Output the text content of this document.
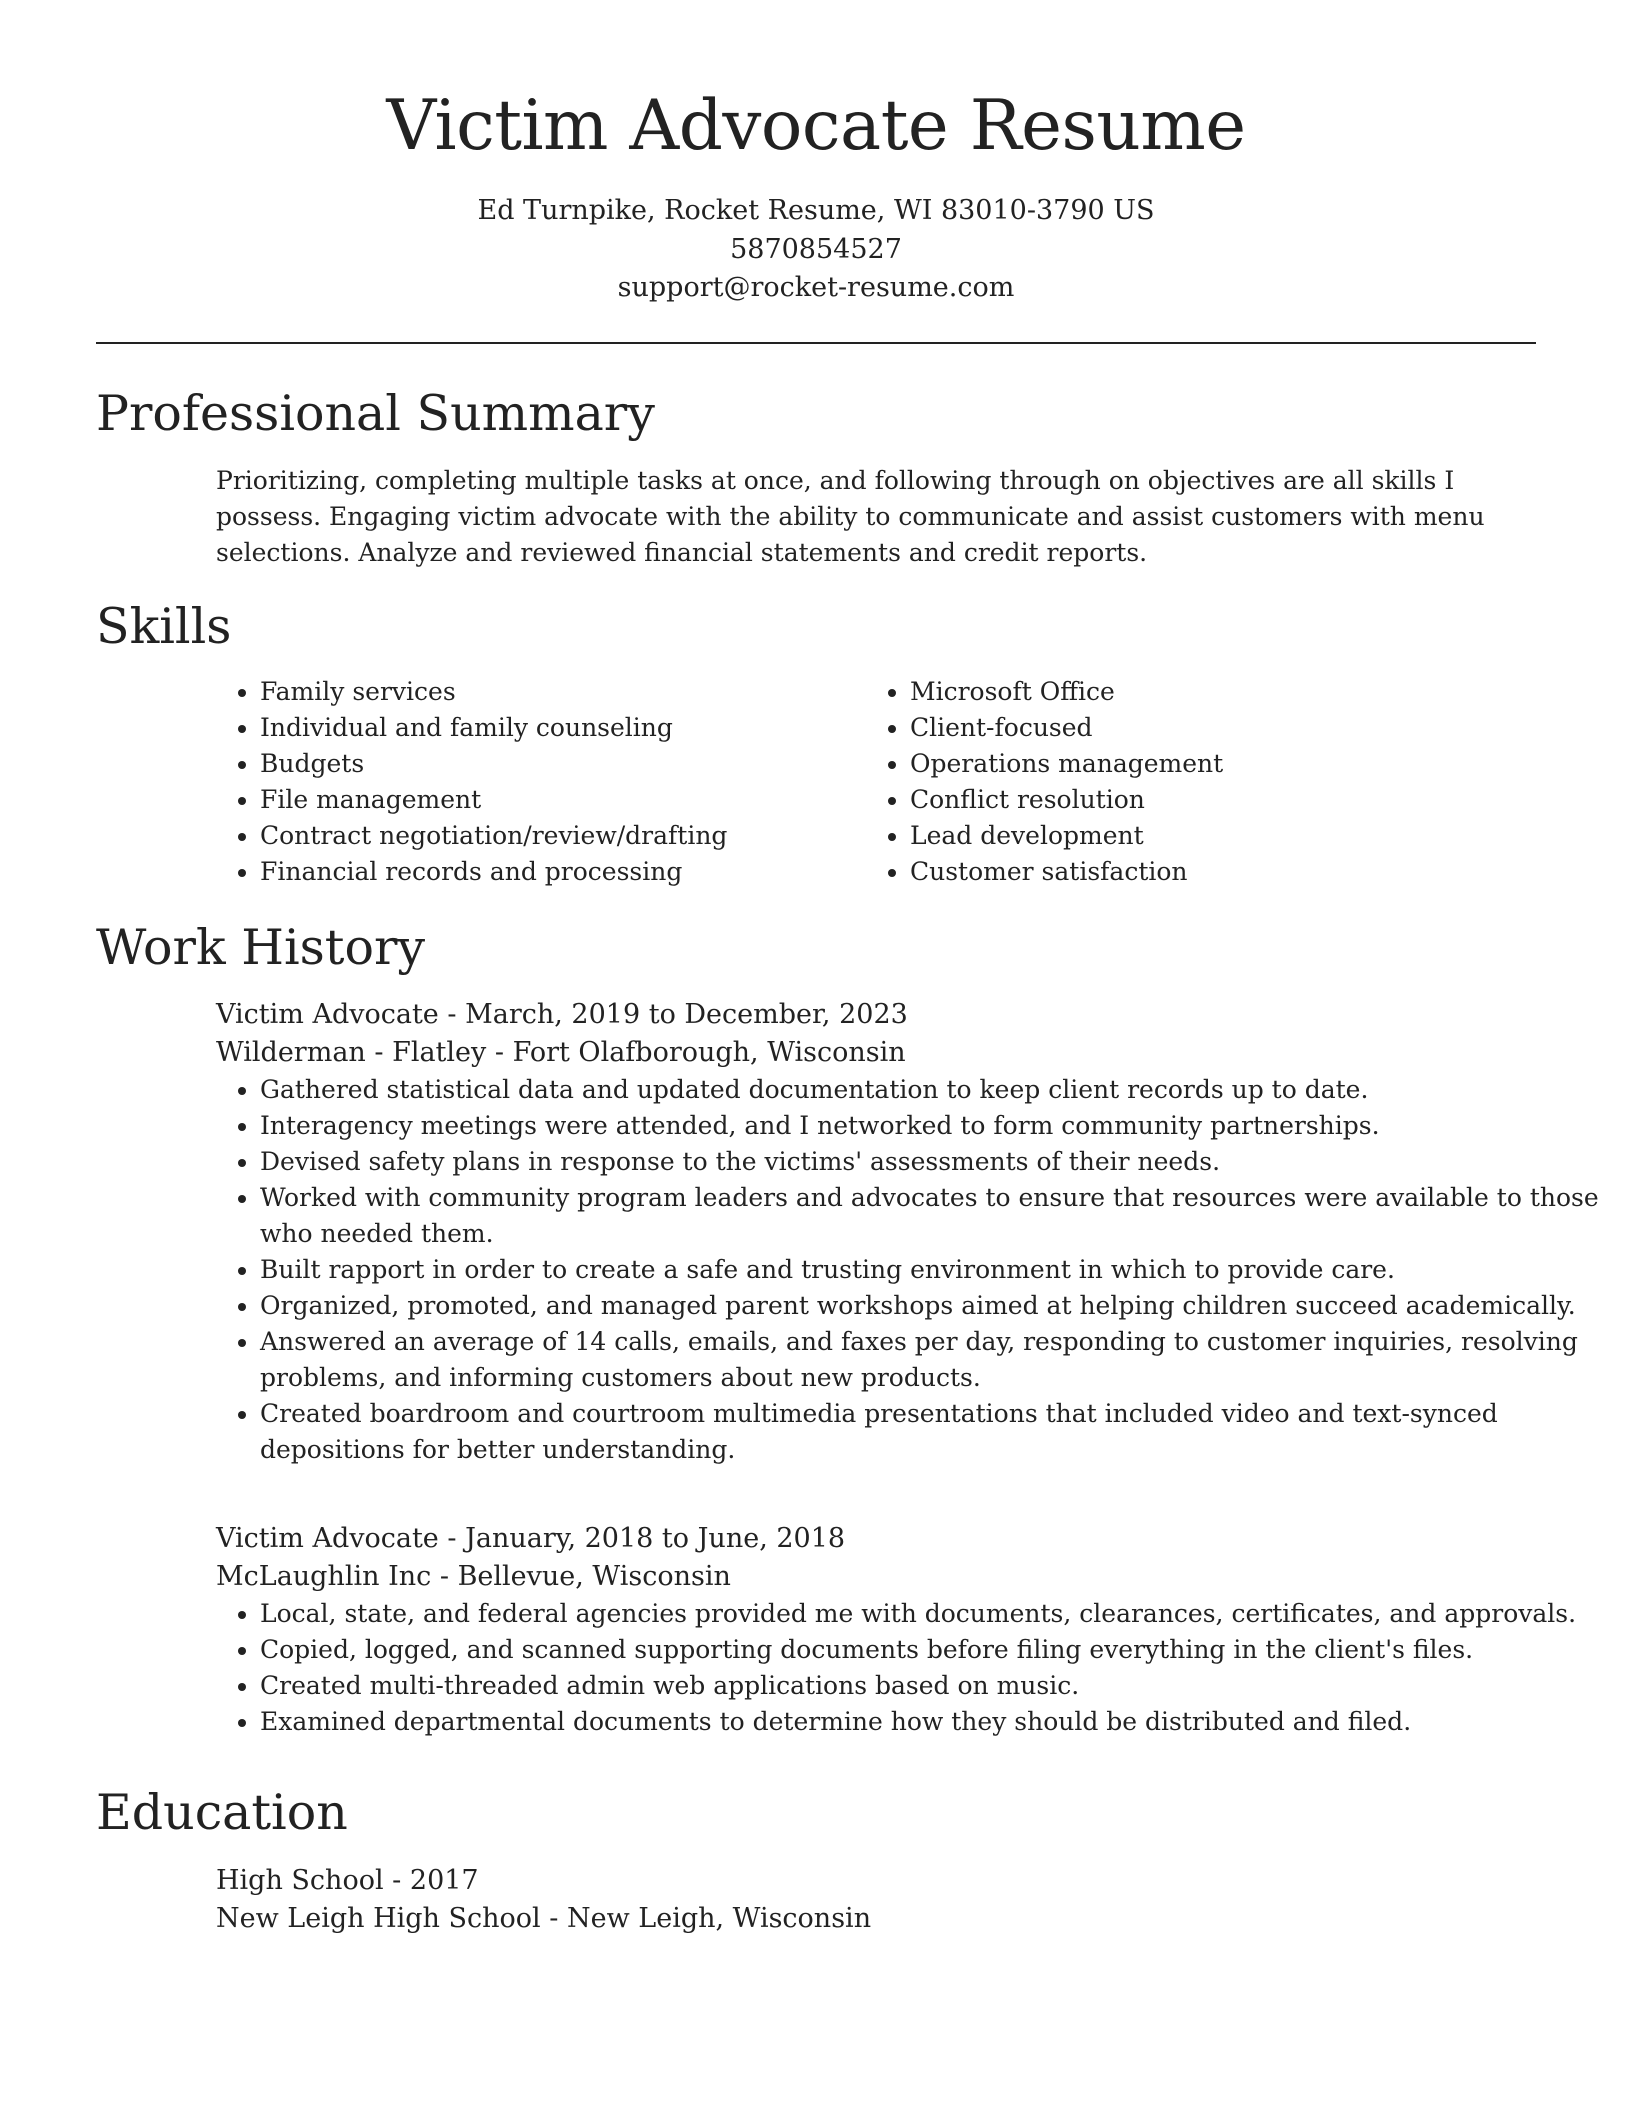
Victim Advocate Resume
Ed Turnpike, Rocket Resume, WI 83010-3790 US
5870854527
support@rocket-resume.com
Professional Summary

Prioritizing, completing multiple tasks at once, and following through on objectives are all skills I possess. Engaging victim advocate with the ability to communicate and assist customers with menu selections. Analyze and reviewed financial statements and credit reports.

Skills
• Family services
• Individual and family counseling
• Budgets
• File management
• Contract negotiation/review/drafting
• Financial records and processing
• Microsoft Office
• Client-focused
• Operations management
• Conflict resolution
• Lead development
• Customer satisfaction
Work History
Victim Advocate - March, 2019 to December, 2023
Wilderman - Flatley - Fort Olafborough, Wisconsin
• Gathered statistical data and updated documentation to keep client records up to date.
• Interagency meetings were attended, and I networked to form community partnerships.
• Devised safety plans in response to the victims' assessments of their needs.
• Worked with community program leaders and advocates to ensure that resources were available to those who needed them.
• Built rapport in order to create a safe and trusting environment in which to provide care.
• Organized, promoted, and managed parent workshops aimed at helping children succeed academically.
• Answered an average of 14 calls, emails, and faxes per day, responding to customer inquiries, resolving problems, and informing customers about new products.
• Created boardroom and courtroom multimedia presentations that included video and text-synced depositions for better understanding.
Victim Advocate - January, 2018 to June, 2018
McLaughlin Inc - Bellevue, Wisconsin
• Local, state, and federal agencies provided me with documents, clearances, certificates, and approvals.
• Copied, logged, and scanned supporting documents before filing everything in the client's files.
• Created multi-threaded admin web applications based on music.
• Examined departmental documents to determine how they should be distributed and filed.
Education
High School - 2017
New Leigh High School - New Leigh, Wisconsin
